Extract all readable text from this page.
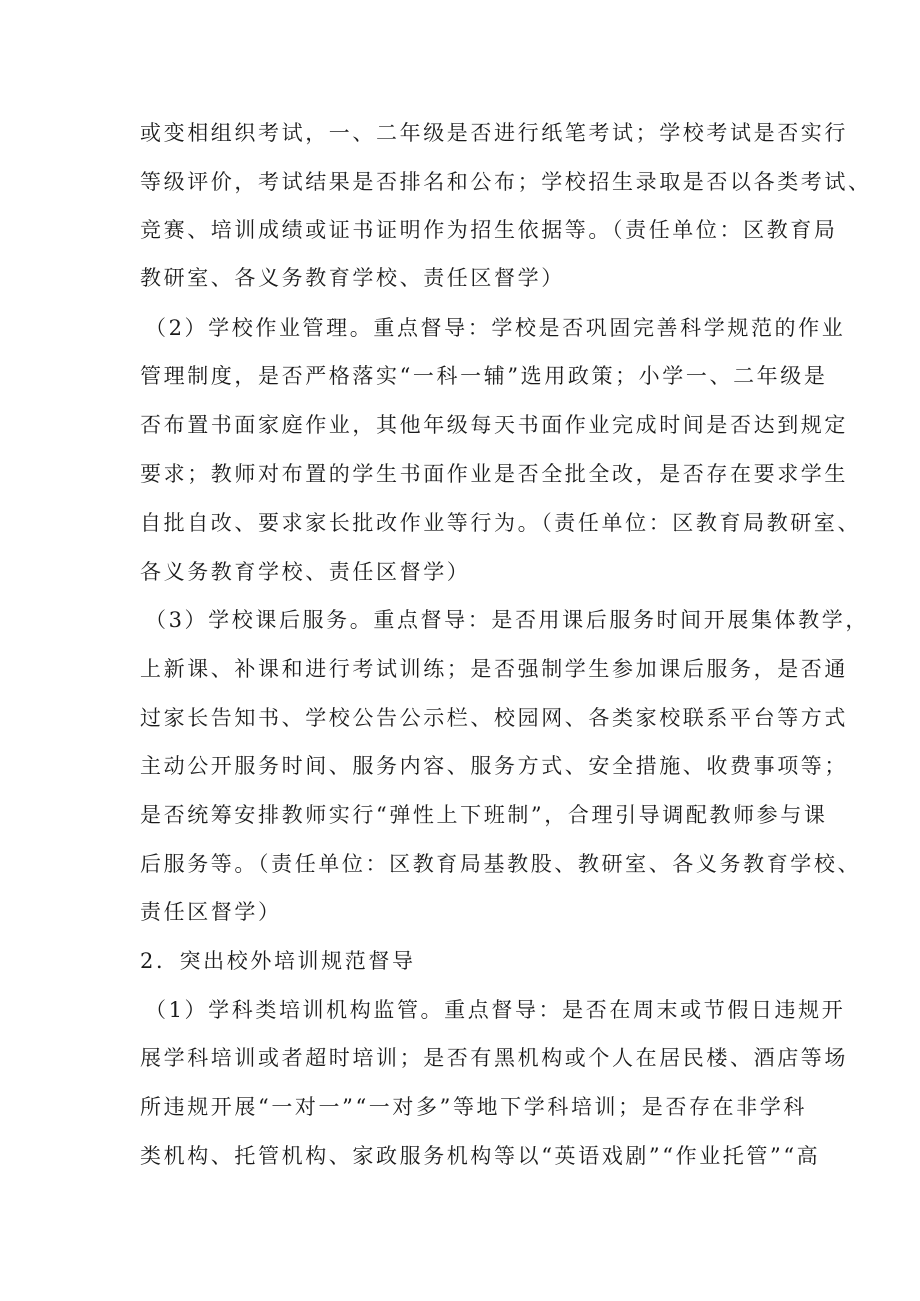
或变相组织考试，一、二年级是否进行纸笔考试；学校考试是否实行
等级评价，考试结果是否排名和公布；学校招生录取是否以各类考试、
竞赛、培训成绩或证书证明作为招生依据等。（责任单位：区教育局
教研室、各义务教育学校、责任区督学）
（2）学校作业管理。重点督导：学校是否巩固完善科学规范的作业
管理制度，是否严格落实“一科一辅”选用政策；小学一、二年级是
否布置书面家庭作业，其他年级每天书面作业完成时间是否达到规定
要求；教师对布置的学生书面作业是否全批全改，是否存在要求学生
自批自改、要求家长批改作业等行为。（责任单位：区教育局教研室、
各义务教育学校、责任区督学）
（3）学校课后服务。重点督导：是否用课后服务时间开展集体教学，
上新课、补课和进行考试训练；是否强制学生参加课后服务，是否通
过家长告知书、学校公告公示栏、校园网、各类家校联系平台等方式
主动公开服务时间、服务内容、服务方式、安全措施、收费事项等；
是否统筹安排教师实行“弹性上下班制”，合理引导调配教师参与课
后服务等。（责任单位：区教育局基教股、教研室、各义务教育学校、
责任区督学）
2．突出校外培训规范督导
（1）学科类培训机构监管。重点督导：是否在周末或节假日违规开
展学科培训或者超时培训；是否有黑机构或个人在居民楼、酒店等场
所违规开展“一对一”“一对多”等地下学科培训；是否存在非学科
类机构、托管机构、家政服务机构等以“英语戏剧”“作业托管”“高
